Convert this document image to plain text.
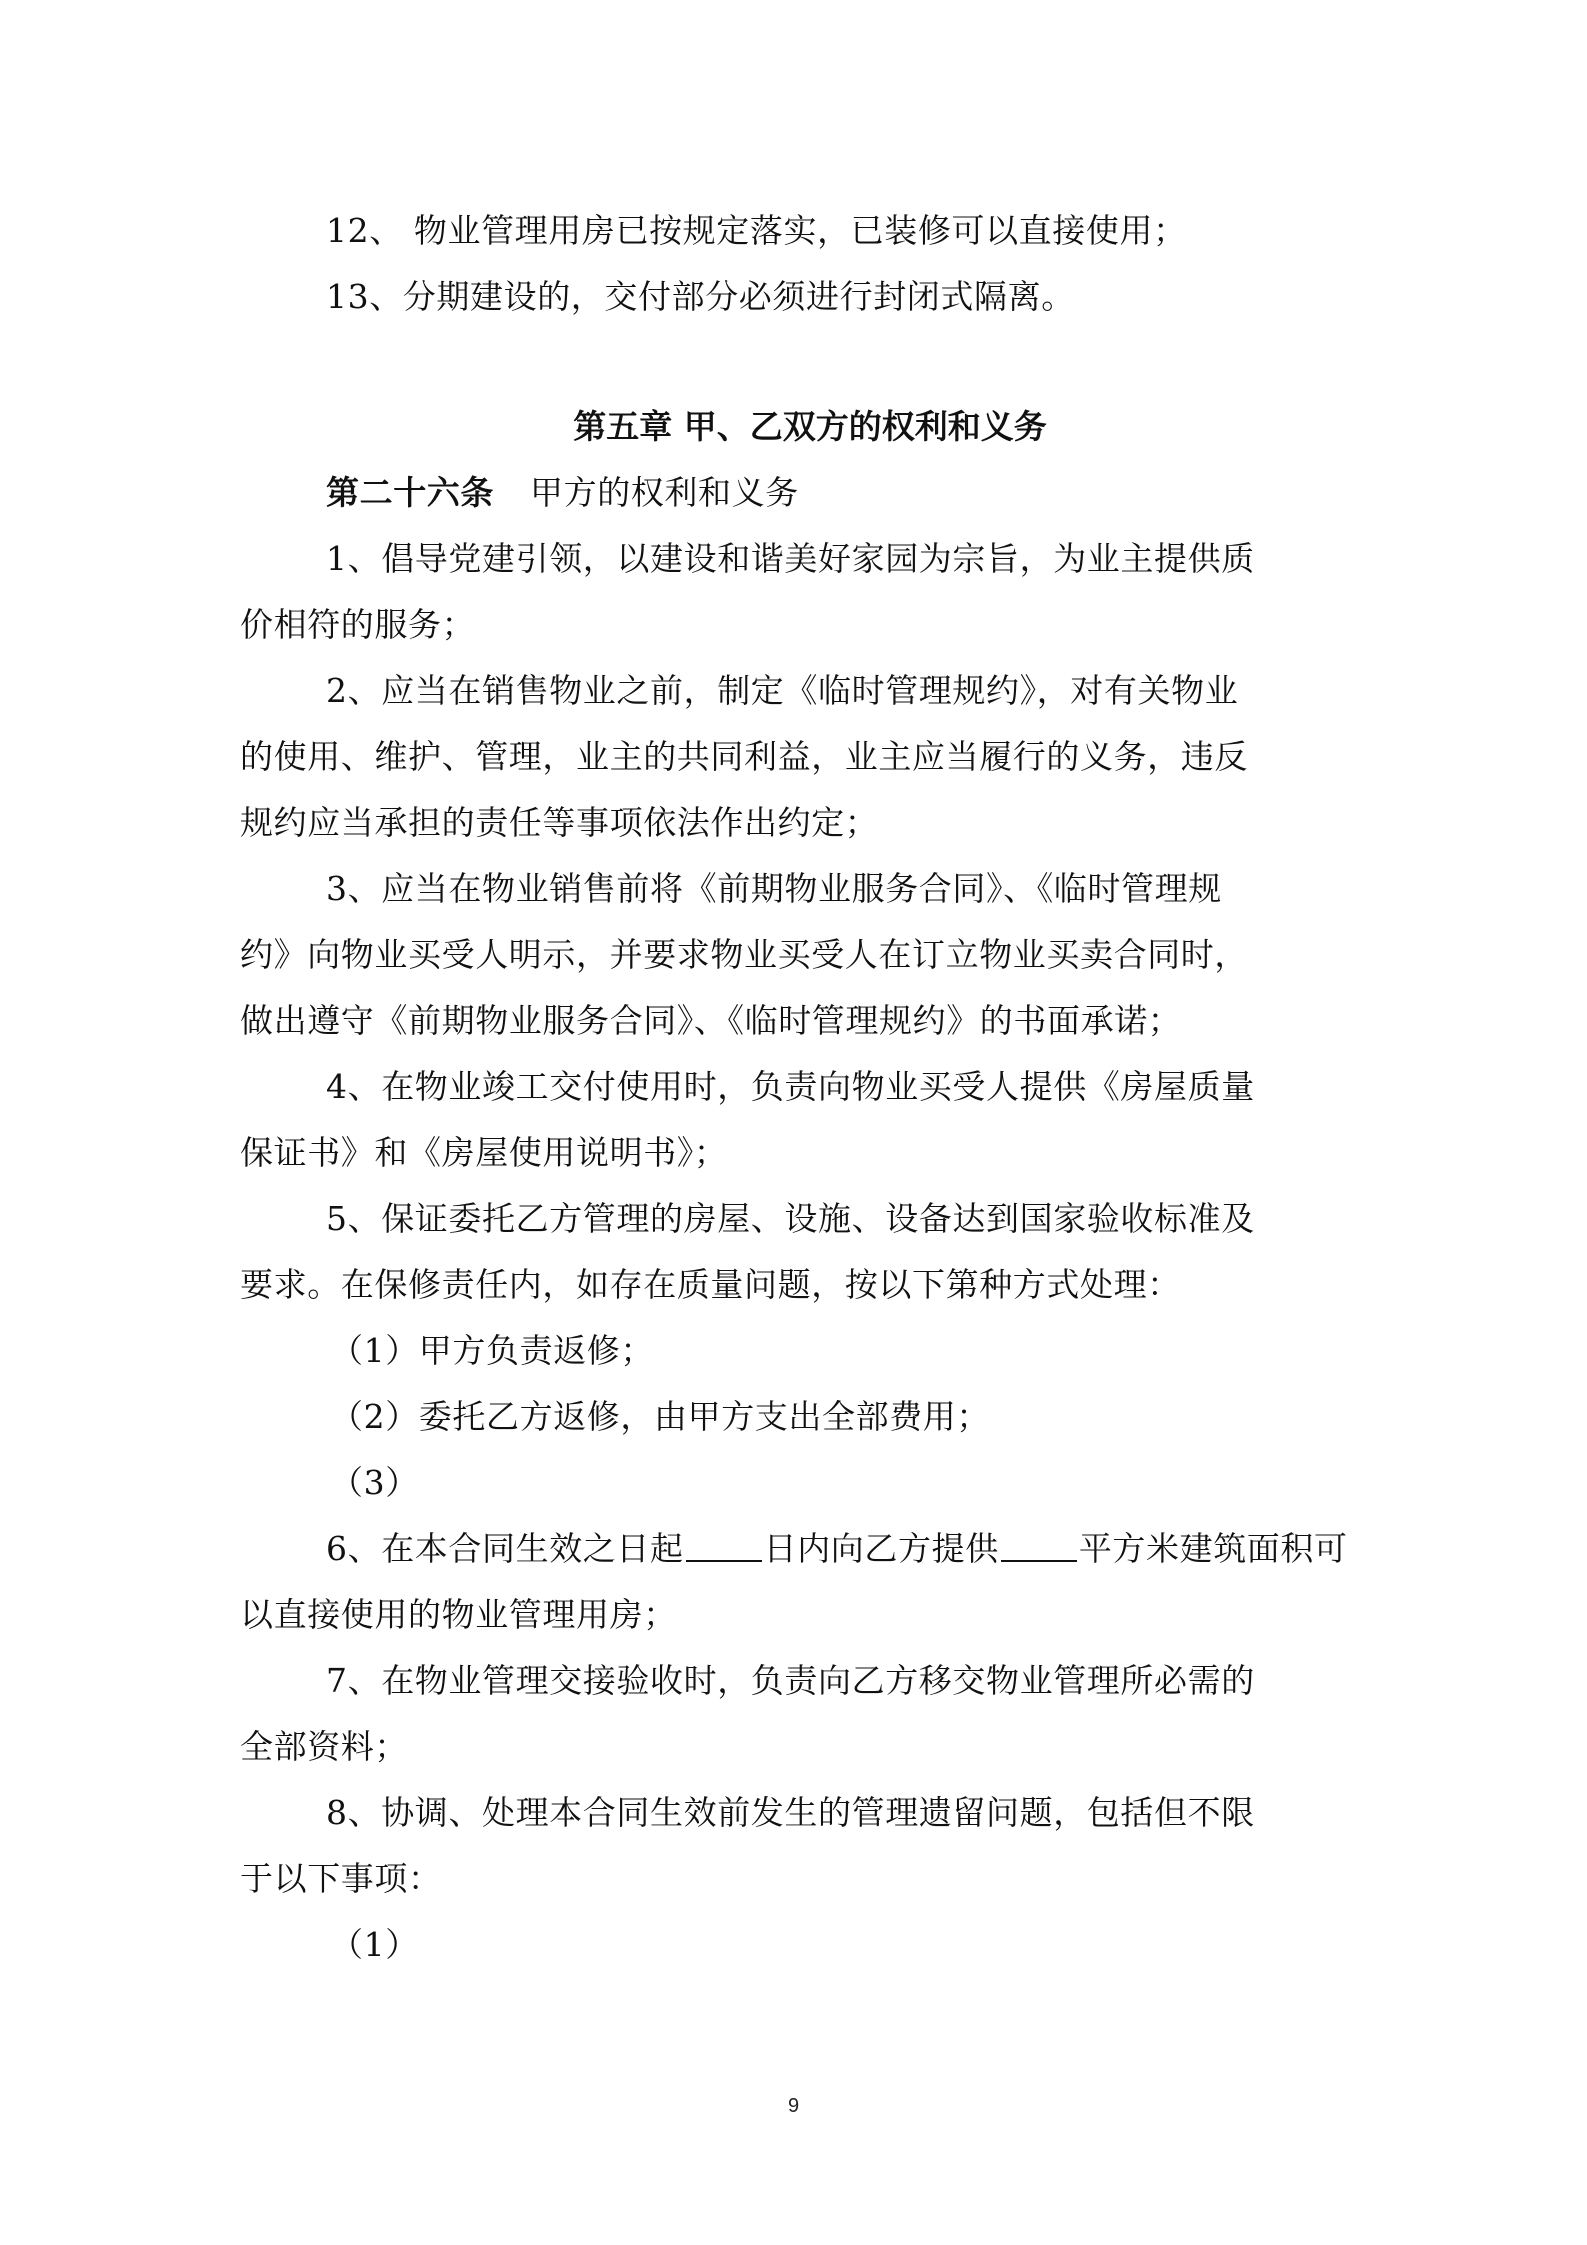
12、 物业管理用房已按规定落实，已装修可以直接使用；

13、分期建设的，交付部分必须进行封闭式隔离。

第五章 甲、乙双方的权利和义务

第二十六条 甲方的权利和义务

1、倡导党建引领，以建设和谐美好家园为宗旨，为业主提供质

价相符的服务；

2、应当在销售物业之前，制定《临时管理规约》，对有关物业

的使用、维护、管理，业主的共同利益，业主应当履行的义务，违反

规约应当承担的责任等事项依法作出约定；

3、应当在物业销售前将《前期物业服务合同》、《临时管理规

约》向物业买受人明示，并要求物业买受人在订立物业买卖合同时，

做出遵守《前期物业服务合同》、《临时管理规约》的书面承诺；

4、在物业竣工交付使用时，负责向物业买受人提供《房屋质量

保证书》和《房屋使用说明书》；

5、保证委托乙方管理的房屋、设施、设备达到国家验收标准及

要求。在保修责任内，如存在质量问题，按以下第种方式处理：

（1）甲方负责返修；

（2）委托乙方返修，由甲方支出全部费用；

（3）

6、在本合同生效之日起 日内向乙方提供 平方米建筑面积可

以直接使用的物业管理用房；

7、在物业管理交接验收时，负责向乙方移交物业管理所必需的

全部资料；

8、协调、处理本合同生效前发生的管理遗留问题，包括但不限

于以下事项：

（1）

9
